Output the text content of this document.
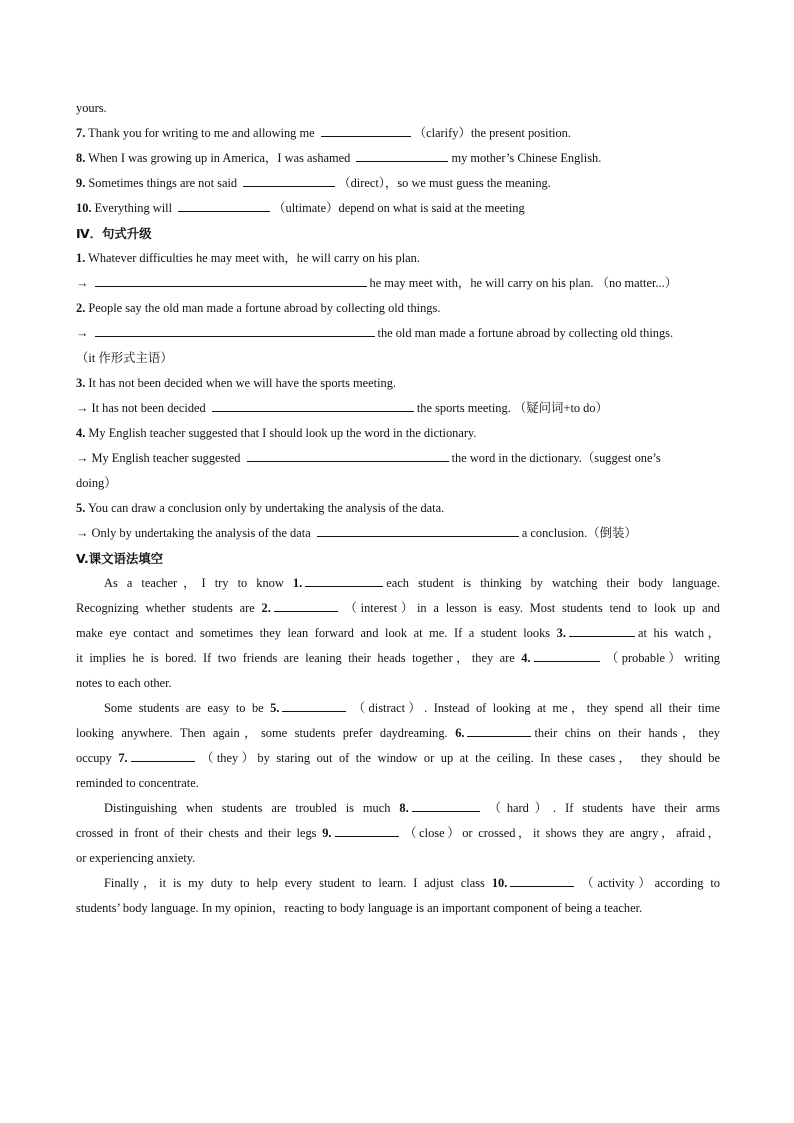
yours.
7. Thank you for writing to me and allowing me	（clarify）the present position.
8. When I was growing up in America，I was ashamed	my mother’s Chinese English.
9. Sometimes things are not said	（direct），so we must guess the meaning.
10. Everything will	（ultimate）depend on what is said at the meeting
Ⅳ．句式升级
1. Whatever difficulties he may meet with，he will carry on his plan.
→	he may meet with，he will carry on his plan. （no matter...）
2. People say the old man made a fortune abroad by collecting old things.
→	the old man made a fortune abroad by collecting old things.
（it 作形式主语）
3. It has not been decided when we will have the sports meeting.
→ It has not been decided	the sports meeting. （疑问词+to do）
4. My English teacher suggested that I should look up the word in the dictionary.
→ My English teacher suggested	the word in the dictionary.（suggest one’s
doing）
5. You can draw a conclusion only by undertaking the analysis of the data.
→ Only by undertaking the analysis of the data	a conclusion.（倒装）
V.课文语法填空
As a teacher，I try to know 1.	each student is thinking by watching their body language.
Recognizing whether students are 2.	（interest）in a lesson is easy. Most students tend to look up and
make eye contact and sometimes they lean forward and look at me. If a student looks 3.	at his watch，
it implies he is bored. If two friends are leaning their heads together，they are 4.	（probable）writing
notes to each other.
Some students are easy to be 5.	（distract）. Instead of looking at me，they spend all their time
looking anywhere. Then again，some students prefer daydreaming. 6.	their chins on their hands，they
occupy 7.	（they）by staring out of the window or up at the ceiling. In these cases， they should be
reminded to concentrate.
Distinguishing when students are troubled is much 8.	（hard）. If students have their arms
crossed in front of their chests and their legs 9.	（close）or crossed，it shows they are angry，afraid，
or experiencing anxiety.
Finally，it is my duty to help every student to learn. I adjust class 10.	（activity）according to
students’ body language. In my opinion，reacting to body language is an important component of being a teacher.
